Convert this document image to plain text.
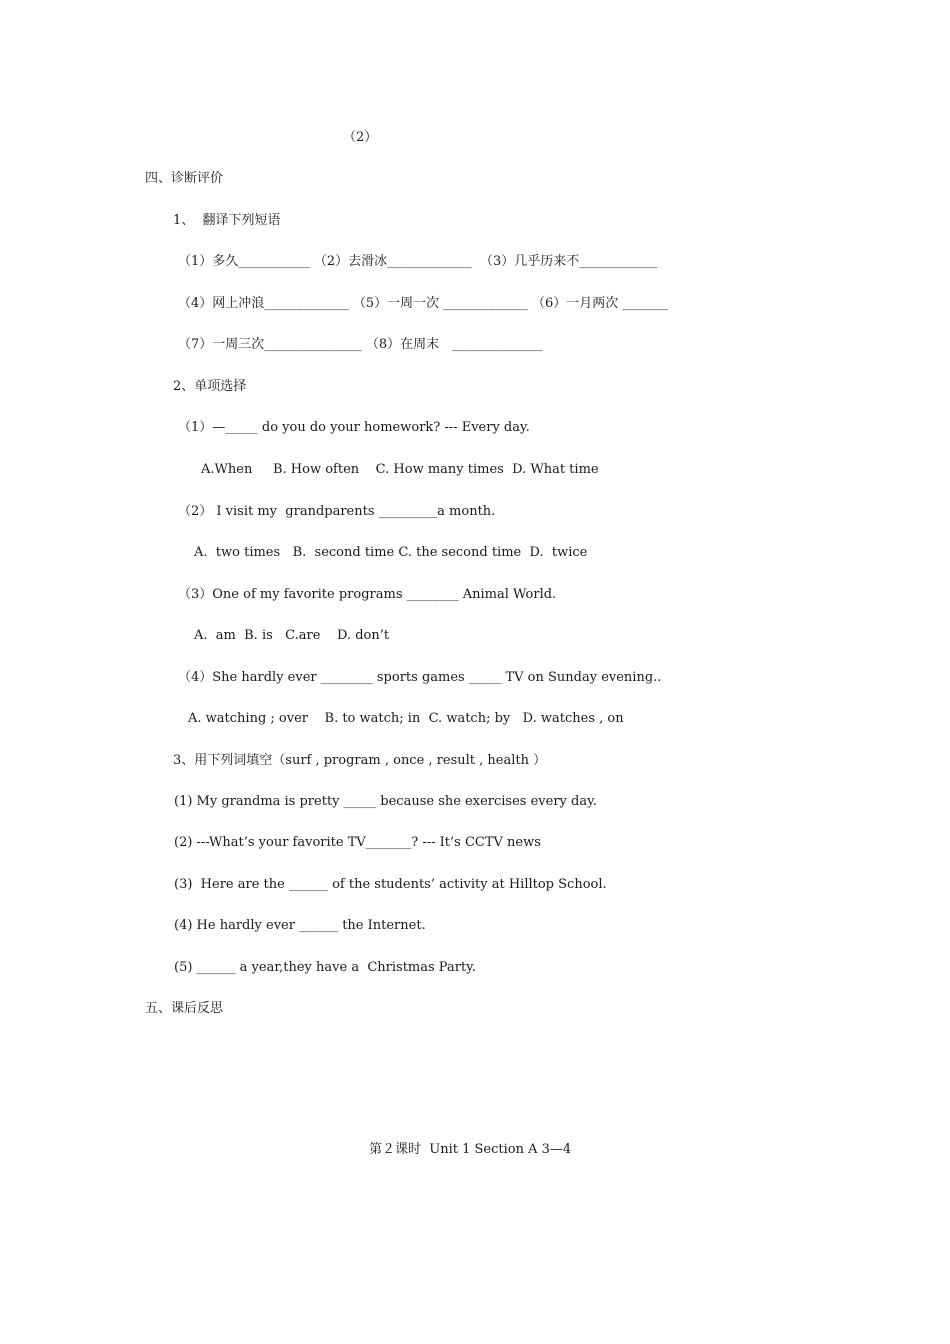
（2）
四、诊断评价
1、  翻译下列短语
（1）多久___________ （2）去滑冰_____________  （3）几乎历来不____________
（4）网上冲浪_____________ （5）一周一次 _____________ （6）一月两次 _______
（7）一周三次_______________ （8）在周末   ______________
2、单项选择
（1）—_____ do you do your homework? --- Every day.
A.When     B. How often    C. How many times  D. What time
（2） I visit my  grandparents _________a month.
A.  two times   B.  second time C. the second time  D.  twice
（3）One of my favorite programs ________ Animal World.
A.  am  B. is   C.are    D. don’t
（4）She hardly ever ________ sports games _____ TV on Sunday evening..
A. watching ; over    B. to watch; in  C. watch; by   D. watches , on
3、用下列词填空（surf , program , once , result , health ）
(1) My grandma is pretty _____ because she exercises every day.
(2) ---What’s your favorite TV_______? --- It’s CCTV news
(3)  Here are the ______ of the students’ activity at Hilltop School.
(4) He hardly ever ______ the Internet.
(5) ______ a year,they have a  Christmas Party.
五、课后反思
第２课时  Unit 1 Section A 3—4
